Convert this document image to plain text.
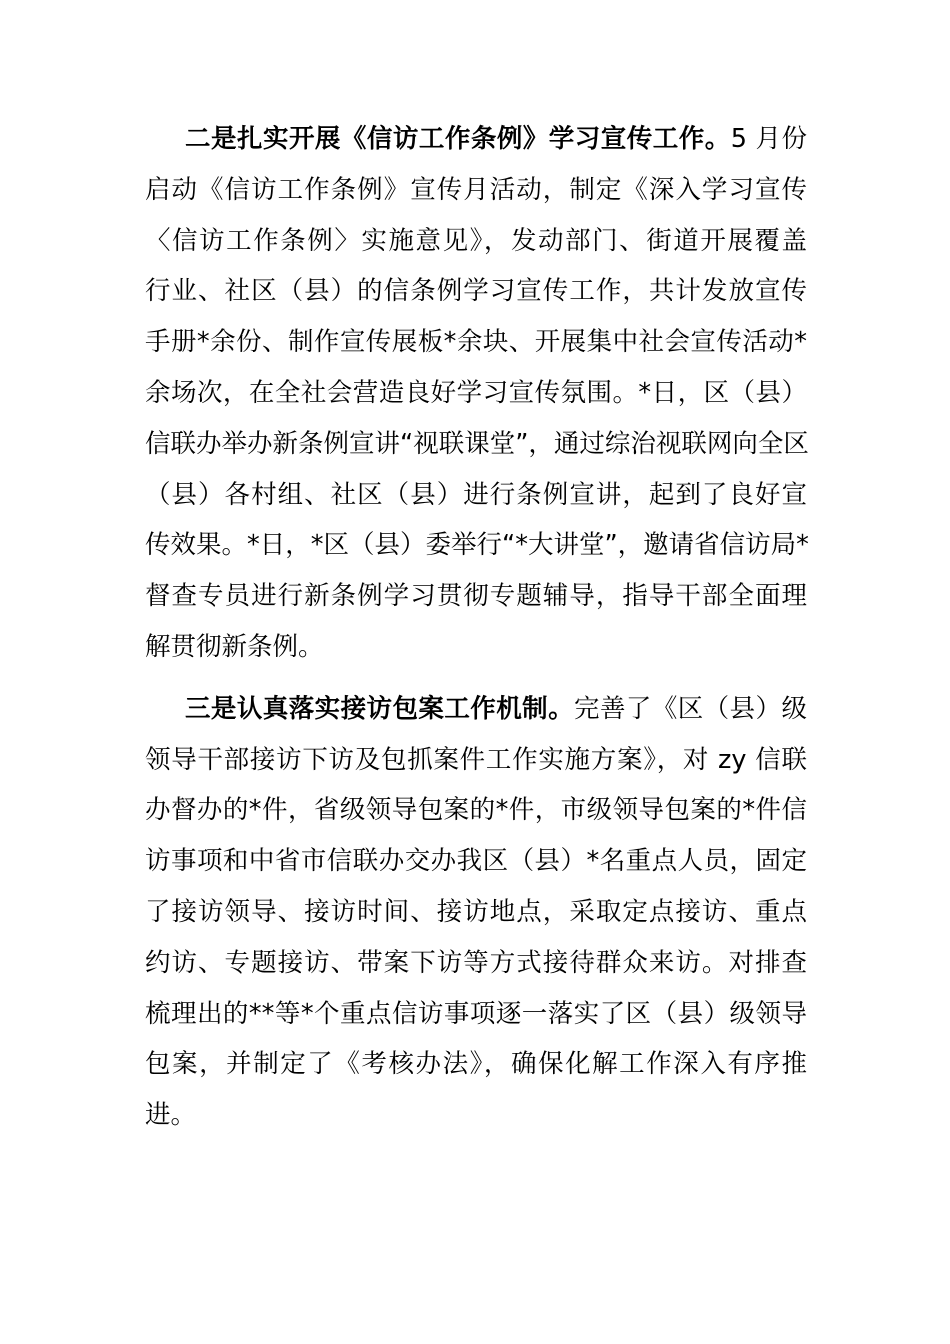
二是扎实开展《信访工作条例》学习宣传工作。5 月份
启动《信访工作条例》宣传月活动，制定《深入学习宣传
〈信访工作条例〉实施意见》，发动部门、街道开展覆盖
行业、社区（县）的信条例学习宣传工作，共计发放宣传
手册*余份、制作宣传展板*余块、开展集中社会宣传活动*
余场次，在全社会营造良好学习宣传氛围。*日，区（县）
信联办举办新条例宣讲“视联课堂”，通过综治视联网向全区
（县）各村组、社区（县）进行条例宣讲，起到了良好宣
传效果。*日，*区（县）委举行“*大讲堂”，邀请省信访局*
督查专员进行新条例学习贯彻专题辅导，指导干部全面理
解贯彻新条例。

三是认真落实接访包案工作机制。完善了《区（县）级
领导干部接访下访及包抓案件工作实施方案》，对 zy 信联
办督办的*件，省级领导包案的*件，市级领导包案的*件信
访事项和中省市信联办交办我区（县）*名重点人员，固定
了接访领导、接访时间、接访地点，采取定点接访、重点
约访、专题接访、带案下访等方式接待群众来访。对排查
梳理出的**等*个重点信访事项逐一落实了区（县）级领导
包案，并制定了《考核办法》，确保化解工作深入有序推
进。
